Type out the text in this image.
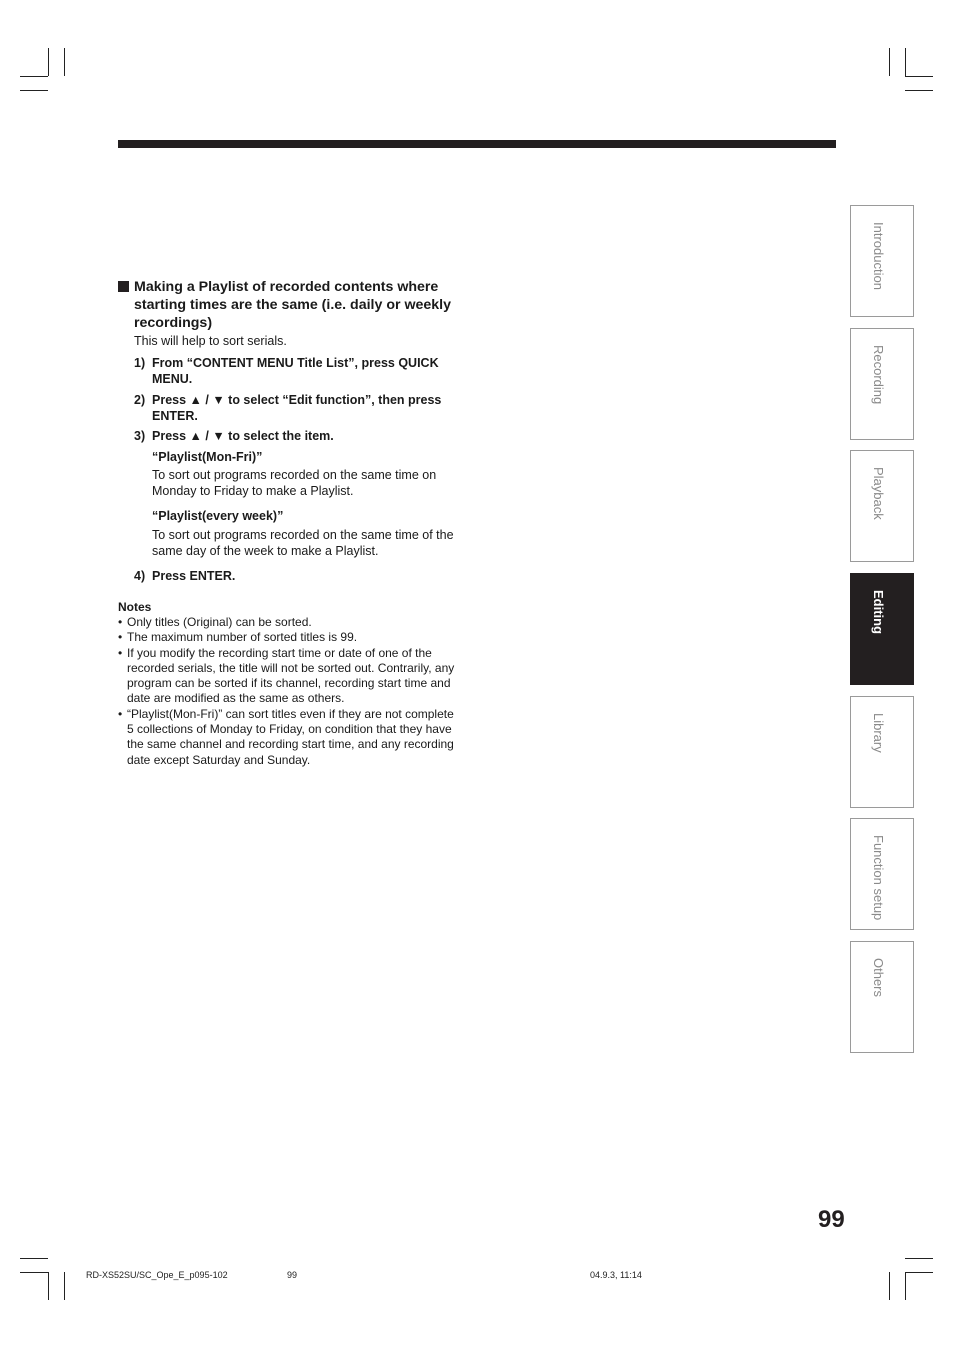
Making a Playlist of recorded contents where starting times are the same (i.e. daily or weekly recordings)
This will help to sort serials.
1) From “CONTENT MENU Title List”, press QUICK MENU.
2) Press ▲ / ▼ to select “Edit function”, then press ENTER.
3) Press ▲ / ▼ to select the item.
“Playlist(Mon-Fri)”
To sort out programs recorded on the same time on Monday to Friday to make a Playlist.
“Playlist(every week)”
To sort out programs recorded on the same time of the same day of the week to make a Playlist.
4) Press ENTER.
Notes
• Only titles (Original) can be sorted.
• The maximum number of sorted titles is 99.
• If you modify the recording start time or date of one of the recorded serials, the title will not be sorted out. Contrarily, any program can be sorted if its channel, recording start time and date are modified as the same as others.
• “Playlist(Mon-Fri)” can sort titles even if they are not complete 5 collections of Monday to Friday, on condition that they have the same channel and recording start time, and any recording date except Saturday and Sunday.
Introduction
Recording
Playback
Editing
Library
Function setup
Others
99
RD-XS52SU/SC_Ope_E_p095-102	99	04.9.3, 11:14
